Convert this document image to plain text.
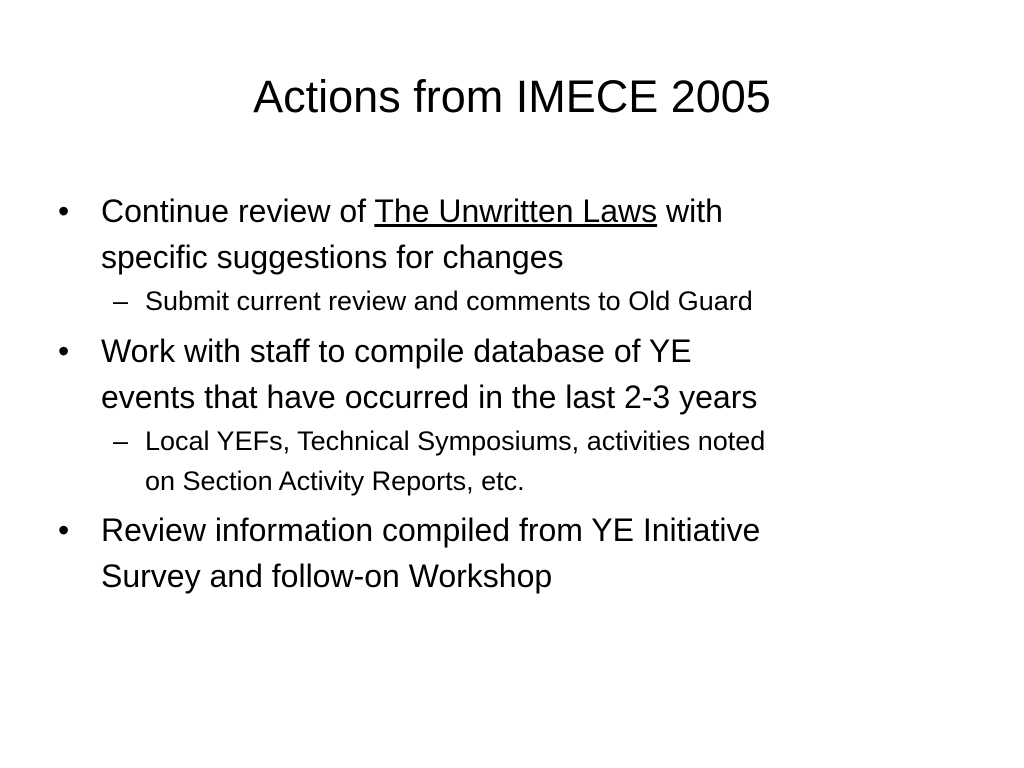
Actions from IMECE 2005
• Continue review of The Unwritten Laws with
specific suggestions for changes
– Submit current review and comments to Old Guard
• Work with staff to compile database of YE
events that have occurred in the last 2-3 years
– Local YEFs, Technical Symposiums, activities noted
on Section Activity Reports, etc.
• Review information compiled from YE Initiative
Survey and follow-on Workshop
